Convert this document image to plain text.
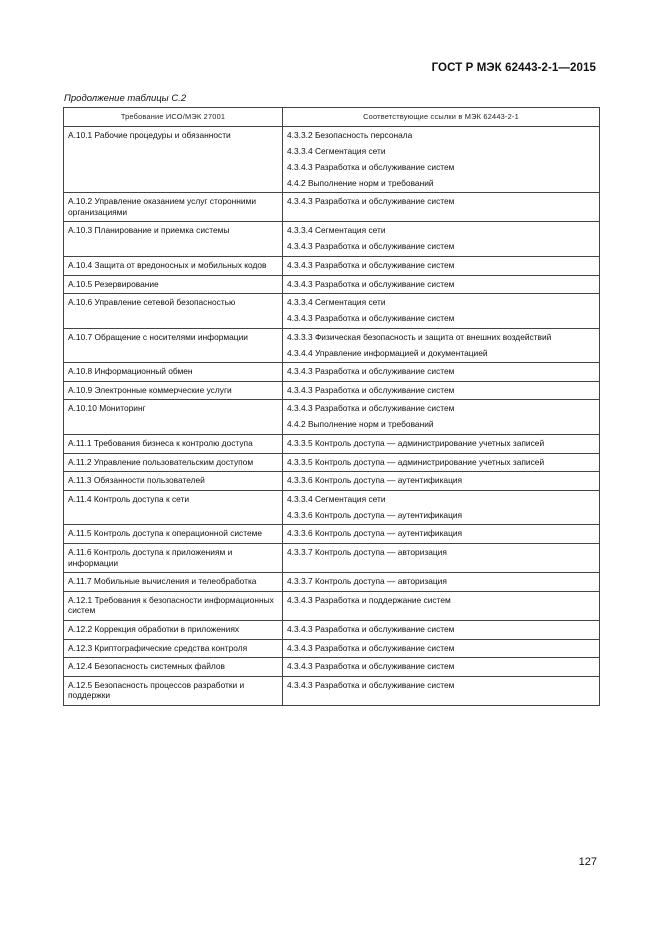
ГОСТ Р МЭК 62443-2-1—2015
Продолжение таблицы С.2
Требование ИСО/МЭК 27001	Соответствующие ссылки в МЭК 62443-2-1
А.10.1 Рабочие процедуры и обязанности	4.3.3.2 Безопасность персонала
4.3.3.4 Сегментация сети
4.3.4.3 Разработка и обслуживание систем
4.4.2 Выполнение норм и требований

А.10.2 Управление оказанием услуг сторонними организациями	4.3.4.3 Разработка и обслуживание систем

А.10.3 Планирование и приемка системы	4.3.3.4 Сегментация сети
4.3.4.3 Разработка и обслуживание систем

А.10.4 Защита от вредоносных и мобильных кодов	4.3.4.3 Разработка и обслуживание систем

А.10.5 Резервирование	4.3.4.3 Разработка и обслуживание систем

А.10.6 Управление сетевой безопасностью	4.3.3.4 Сегментация сети
4.3.4.3 Разработка и обслуживание систем

А.10.7 Обращение с носителями информации	4.3.3.3 Физическая безопасность и защита от внешних воздействий
4.3.4.4 Управление информацией и документацией

А.10.8 Информационный обмен	4.3.4.3 Разработка и обслуживание систем

А.10.9 Электронные коммерческие услуги	4.3.4.3 Разработка и обслуживание систем

А.10.10 Мониторинг	4.3.4.3 Разработка и обслуживание систем
4.4.2 Выполнение норм и требований

А.11.1 Требования бизнеса к контролю доступа	4.3.3.5 Контроль доступа — администрирование учетных записей

А.11.2 Управление пользовательским доступом	4.3.3.5 Контроль доступа — администрирование учетных записей

А.11.3 Обязанности пользователей	4.3.3.6 Контроль доступа — аутентификация

А.11.4 Контроль доступа к сети	4.3.3.4 Сегментация сети
4.3.3.6 Контроль доступа — аутентификация

А.11.5 Контроль доступа к операционной системе	4.3.3.6 Контроль доступа — аутентификация

А.11.6 Контроль доступа к приложениям и информации	4.3.3.7 Контроль доступа — авторизация

А.11.7 Мобильные вычисления и телеобработка	4.3.3.7 Контроль доступа — авторизация

А.12.1 Требования к безопасности информационных систем	4.3.4.3 Разработка и поддержание систем

А.12.2 Коррекция обработки в приложениях	4.3.4.3 Разработка и обслуживание систем

А.12.3 Криптографические средства контроля	4.3.4.3 Разработка и обслуживание систем

А.12.4 Безопасность системных файлов	4.3.4.3 Разработка и обслуживание систем

А.12.5 Безопасность процессов разработки и поддержки	4.3.4.3 Разработка и обслуживание систем
127
